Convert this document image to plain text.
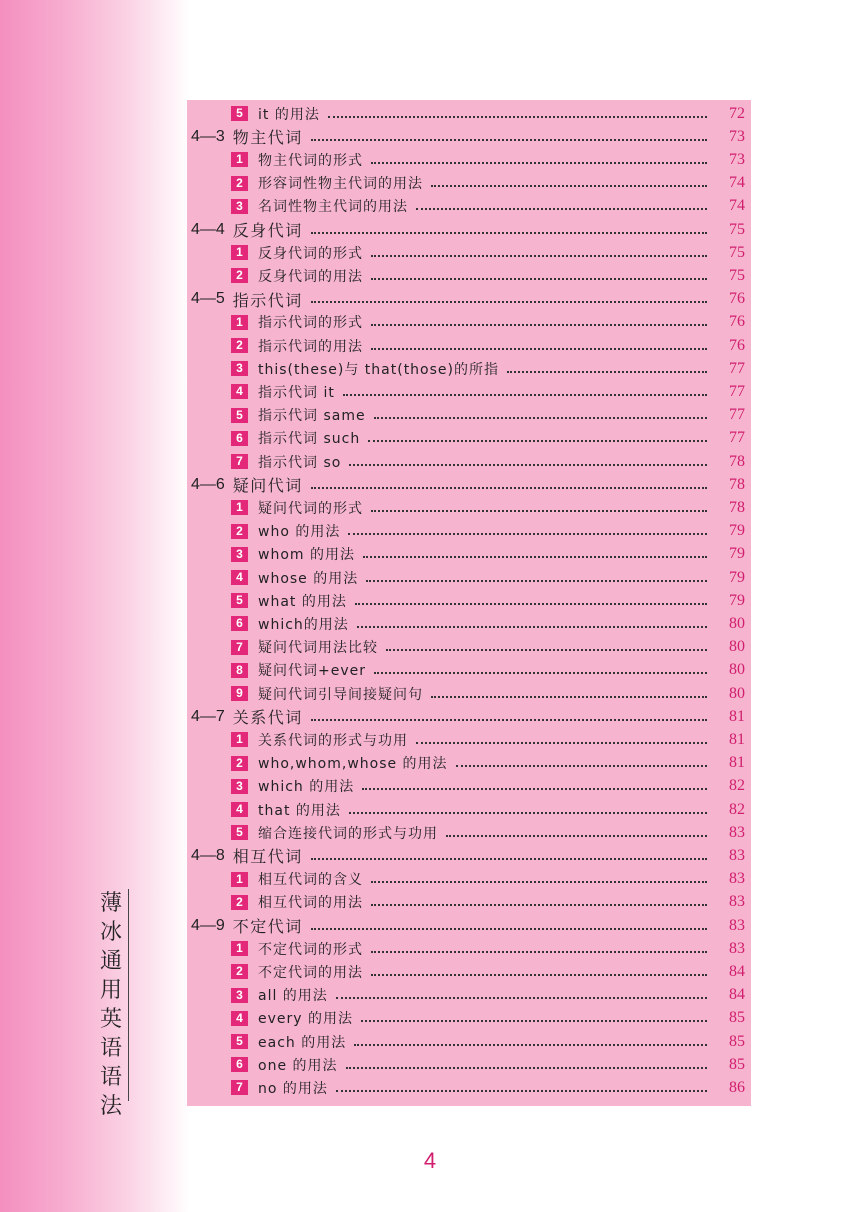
5	it 的用法	72
4—3 物主代词	73
1	物主代词的形式	73
2	形容词性物主代词的用法	74
3	名词性物主代词的用法	74
4—4 反身代词	75
1	反身代词的形式	75
2	反身代词的用法	75
4—5 指示代词	76
1	指示代词的形式	76
2	指示代词的用法	76
3	this(these)与 that(those)的所指	77
4	指示代词 it	77
5	指示代词 same	77
6	指示代词 such	77
7	指示代词 so	78
4—6 疑问代词	78
1	疑问代词的形式	78
2	who 的用法	79
3	whom 的用法	79
4	whose 的用法	79
5	what 的用法	79
6	which的用法	80
7	疑问代词用法比较	80
8	疑问代词+ever	80
9	疑问代词引导间接疑问句	80
4—7 关系代词	81
1	关系代词的形式与功用	81
2	who,whom,whose 的用法	81
3	which 的用法	82
4	that 的用法	82
5	缩合连接代词的形式与功用	83
4—8 相互代词	83
1	相互代词的含义	83
2	相互代词的用法	83
4—9 不定代词	83
1	不定代词的形式	83
2	不定代词的用法	84
3	all 的用法	84
4	every 的用法	85
5	each 的用法	85
6	one 的用法	85
7	no 的用法	86
薄
冰
通
用
英
语
语
法
4
